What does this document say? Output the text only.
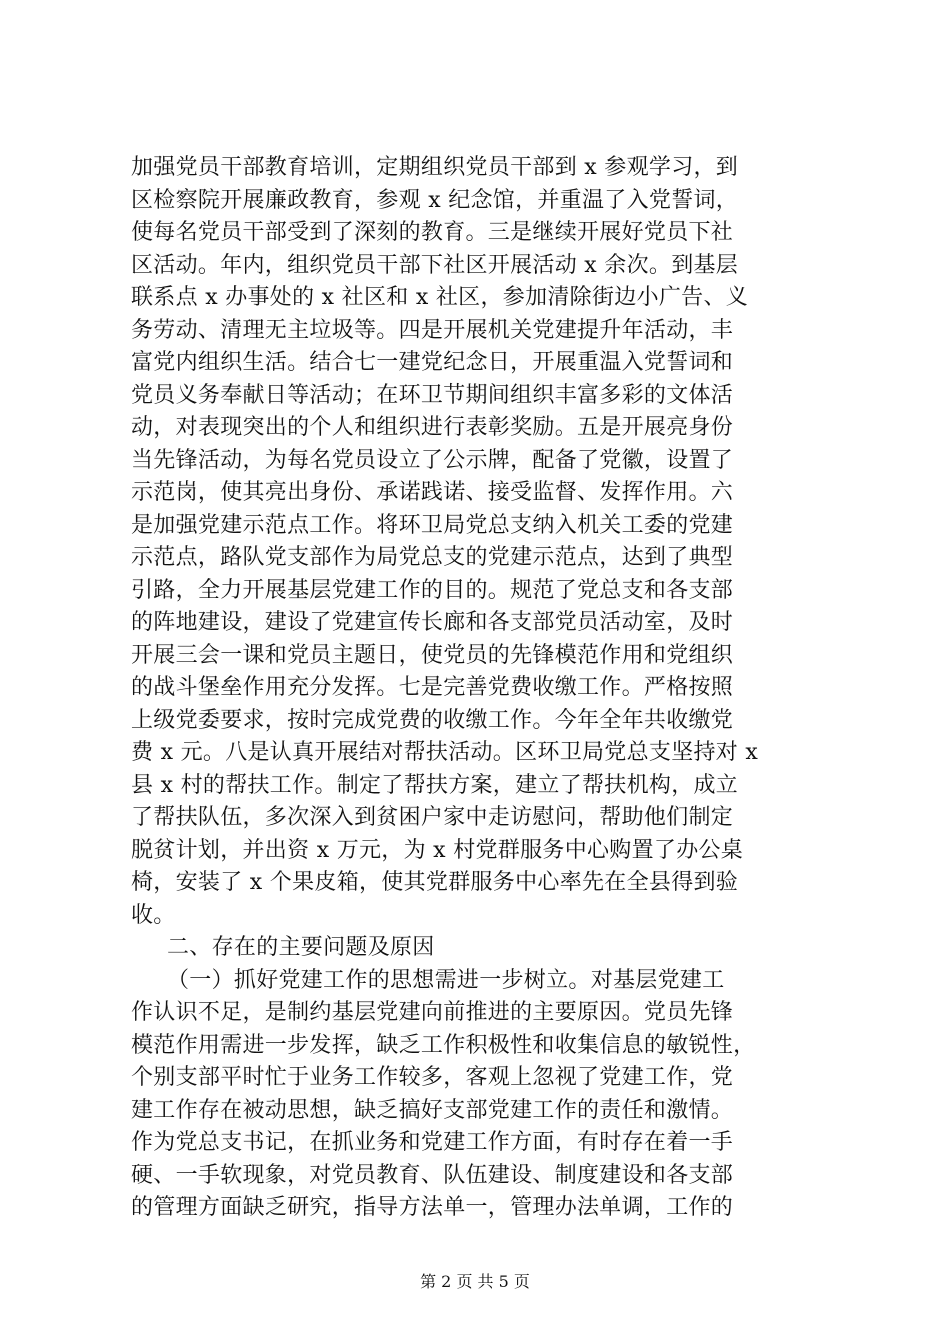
加强党员干部教育培训，定期组织党员干部到 x 参观学习，到
区检察院开展廉政教育，参观 x 纪念馆，并重温了入党誓词，
使每名党员干部受到了深刻的教育。三是继续开展好党员下社
区活动。年内，组织党员干部下社区开展活动 x 余次。到基层
联系点 x 办事处的 x 社区和 x 社区，参加清除街边小广告、义
务劳动、清理无主垃圾等。四是开展机关党建提升年活动，丰
富党内组织生活。结合七一建党纪念日，开展重温入党誓词和
党员义务奉献日等活动；在环卫节期间组织丰富多彩的文体活
动，对表现突出的个人和组织进行表彰奖励。五是开展亮身份
当先锋活动，为每名党员设立了公示牌，配备了党徽，设置了
示范岗，使其亮出身份、承诺践诺、接受监督、发挥作用。六
是加强党建示范点工作。将环卫局党总支纳入机关工委的党建
示范点，路队党支部作为局党总支的党建示范点，达到了典型
引路，全力开展基层党建工作的目的。规范了党总支和各支部
的阵地建设，建设了党建宣传长廊和各支部党员活动室，及时
开展三会一课和党员主题日，使党员的先锋模范作用和党组织
的战斗堡垒作用充分发挥。七是完善党费收缴工作。严格按照
上级党委要求，按时完成党费的收缴工作。今年全年共收缴党
费 x 元。八是认真开展结对帮扶活动。区环卫局党总支坚持对 x
县 x 村的帮扶工作。制定了帮扶方案，建立了帮扶机构，成立
了帮扶队伍，多次深入到贫困户家中走访慰问，帮助他们制定
脱贫计划，并出资 x 万元，为 x 村党群服务中心购置了办公桌
椅，安装了 x 个果皮箱，使其党群服务中心率先在全县得到验
收。
二、存在的主要问题及原因
（一）抓好党建工作的思想需进一步树立。对基层党建工
作认识不足，是制约基层党建向前推进的主要原因。党员先锋
模范作用需进一步发挥，缺乏工作积极性和收集信息的敏锐性，
个别支部平时忙于业务工作较多，客观上忽视了党建工作，党
建工作存在被动思想，缺乏搞好支部党建工作的责任和激情。
作为党总支书记，在抓业务和党建工作方面，有时存在着一手
硬、一手软现象，对党员教育、队伍建设、制度建设和各支部
的管理方面缺乏研究，指导方法单一，管理办法单调，工作的
第 2 页 共 5 页
